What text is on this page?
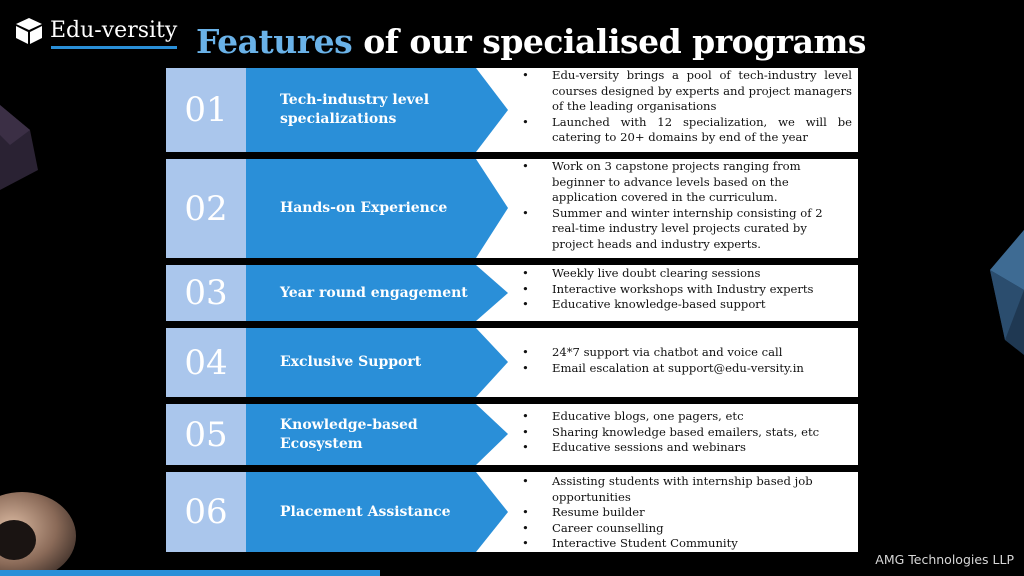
Edu-versity Features of our specialised programs
01	Tech-industry level specializations
• Edu-versity brings a pool of tech-industry level courses designed by experts and project managers of the leading organisations
• Launched with 12 specialization, we will be catering to 20+ domains by end of the year
02	Hands-on Experience
• Work on 3 capstone projects ranging from beginner to advance levels based on the application covered in the curriculum.
• Summer and winter internship consisting of 2 real-time industry level projects curated by project heads and industry experts.
03	Year round engagement
• Weekly live doubt clearing sessions
• Interactive workshops with Industry experts
• Educative knowledge-based support
04	Exclusive Support
• 24*7 support via chatbot and voice call
• Email escalation at support@edu-versity.in
05	Knowledge-based Ecosystem
• Educative blogs, one pagers, etc
• Sharing knowledge based emailers, stats, etc
• Educative sessions and webinars
06	Placement Assistance
• Assisting students with internship based job opportunities
• Resume builder
• Career counselling
• Interactive Student Community
AMG Technologies LLP
